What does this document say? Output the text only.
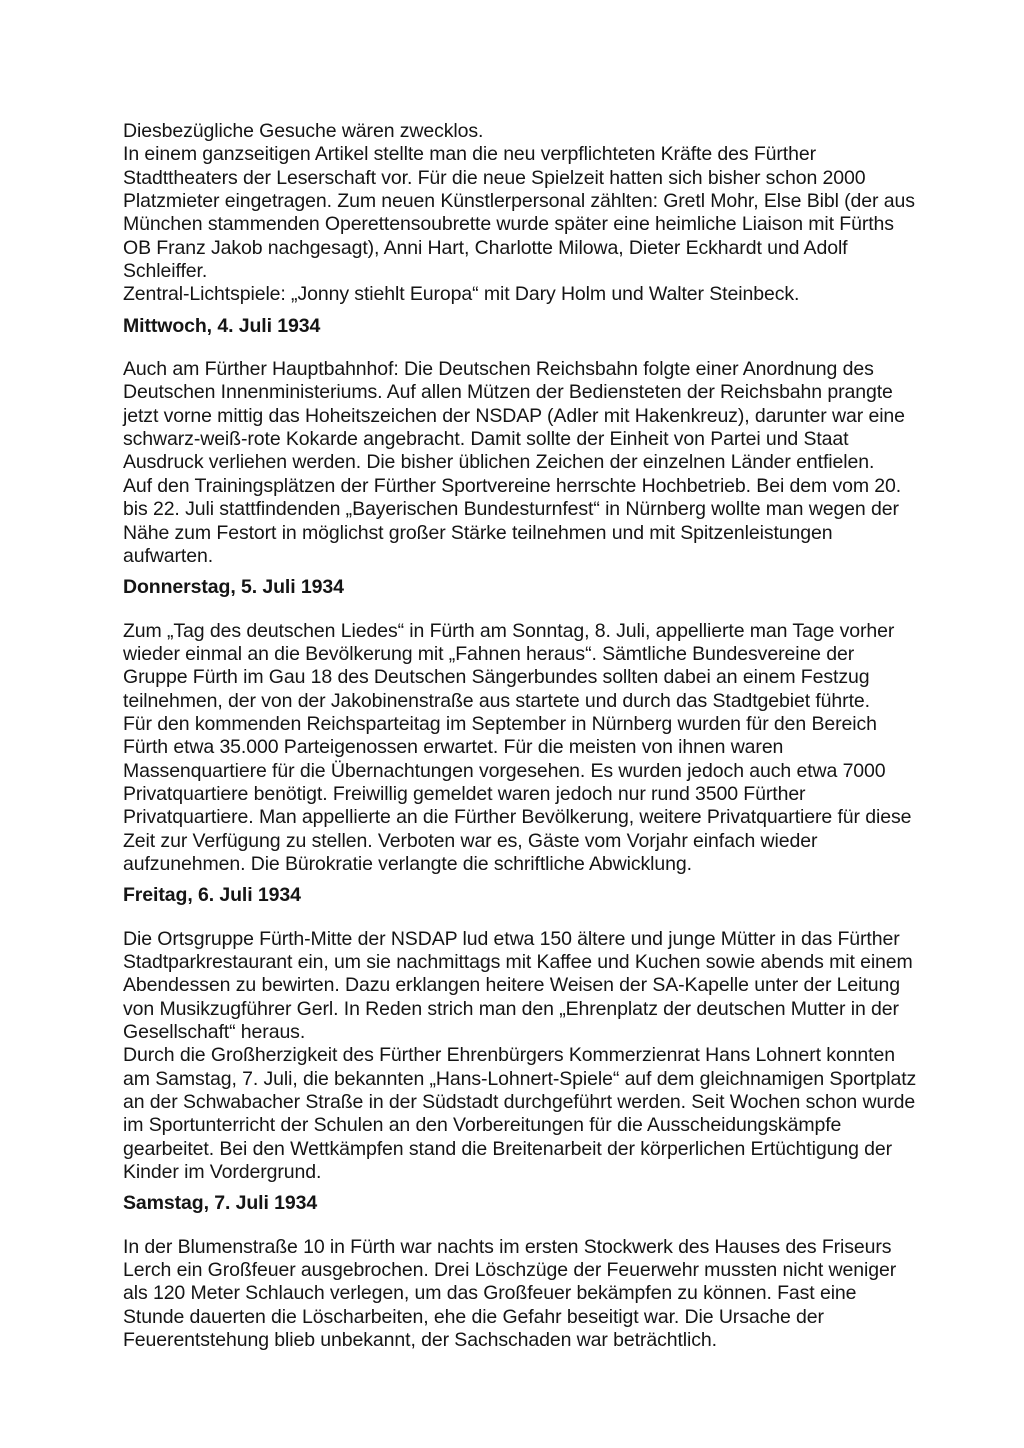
Diesbezügliche Gesuche wären zwecklos.
In einem ganzseitigen Artikel stellte man die neu verpflichteten Kräfte des Fürther
Stadttheaters der Leserschaft vor. Für die neue Spielzeit hatten sich bisher schon 2000
Platzmieter eingetragen. Zum neuen Künstlerpersonal zählten: Gretl Mohr, Else Bibl (der aus
München stammenden Operettensoubrette wurde später eine heimliche Liaison mit Fürths
OB Franz Jakob nachgesagt), Anni Hart, Charlotte Milowa, Dieter Eckhardt und Adolf
Schleiffer.
Zentral-Lichtspiele: „Jonny stiehlt Europa“ mit Dary Holm und Walter Steinbeck.

Mittwoch, 4. Juli 1934

Auch am Fürther Hauptbahnhof: Die Deutschen Reichsbahn folgte einer Anordnung des
Deutschen Innenministeriums. Auf allen Mützen der Bediensteten der Reichsbahn prangte
jetzt vorne mittig das Hoheitszeichen der NSDAP (Adler mit Hakenkreuz), darunter war eine
schwarz-weiß-rote Kokarde angebracht. Damit sollte der Einheit von Partei und Staat
Ausdruck verliehen werden. Die bisher üblichen Zeichen der einzelnen Länder entfielen.
Auf den Trainingsplätzen der Fürther Sportvereine herrschte Hochbetrieb. Bei dem vom 20.
bis 22. Juli stattfindenden „Bayerischen Bundesturnfest“ in Nürnberg wollte man wegen der
Nähe zum Festort in möglichst großer Stärke teilnehmen und mit Spitzenleistungen
aufwarten.

Donnerstag, 5. Juli 1934

Zum „Tag des deutschen Liedes“ in Fürth am Sonntag, 8. Juli, appellierte man Tage vorher
wieder einmal an die Bevölkerung mit „Fahnen heraus“. Sämtliche Bundesvereine der
Gruppe Fürth im Gau 18 des Deutschen Sängerbundes sollten dabei an einem Festzug
teilnehmen, der von der Jakobinenstraße aus startete und durch das Stadtgebiet führte.
Für den kommenden Reichsparteitag im September in Nürnberg wurden für den Bereich
Fürth etwa 35.000 Parteigenossen erwartet. Für die meisten von ihnen waren
Massenquartiere für die Übernachtungen vorgesehen. Es wurden jedoch auch etwa 7000
Privatquartiere benötigt. Freiwillig gemeldet waren jedoch nur rund 3500 Fürther
Privatquartiere. Man appellierte an die Fürther Bevölkerung, weitere Privatquartiere für diese
Zeit zur Verfügung zu stellen. Verboten war es, Gäste vom Vorjahr einfach wieder
aufzunehmen. Die Bürokratie verlangte die schriftliche Abwicklung.

Freitag, 6. Juli 1934

Die Ortsgruppe Fürth-Mitte der NSDAP lud etwa 150 ältere und junge Mütter in das Fürther
Stadtparkrestaurant ein, um sie nachmittags mit Kaffee und Kuchen sowie abends mit einem
Abendessen zu bewirten. Dazu erklangen heitere Weisen der SA-Kapelle unter der Leitung
von Musikzugführer Gerl. In Reden strich man den „Ehrenplatz der deutschen Mutter in der
Gesellschaft“ heraus.
Durch die Großherzigkeit des Fürther Ehrenbürgers Kommerzienrat Hans Lohnert konnten
am Samstag, 7. Juli, die bekannten „Hans-Lohnert-Spiele“ auf dem gleichnamigen Sportplatz
an der Schwabacher Straße in der Südstadt durchgeführt werden. Seit Wochen schon wurde
im Sportunterricht der Schulen an den Vorbereitungen für die Ausscheidungskämpfe
gearbeitet. Bei den Wettkämpfen stand die Breitenarbeit der körperlichen Ertüchtigung der
Kinder im Vordergrund.

Samstag, 7. Juli 1934

In der Blumenstraße 10 in Fürth war nachts im ersten Stockwerk des Hauses des Friseurs
Lerch ein Großfeuer ausgebrochen. Drei Löschzüge der Feuerwehr mussten nicht weniger
als 120 Meter Schlauch verlegen, um das Großfeuer bekämpfen zu können. Fast eine
Stunde dauerten die Löscharbeiten, ehe die Gefahr beseitigt war. Die Ursache der
Feuerentstehung blieb unbekannt, der Sachschaden war beträchtlich.
